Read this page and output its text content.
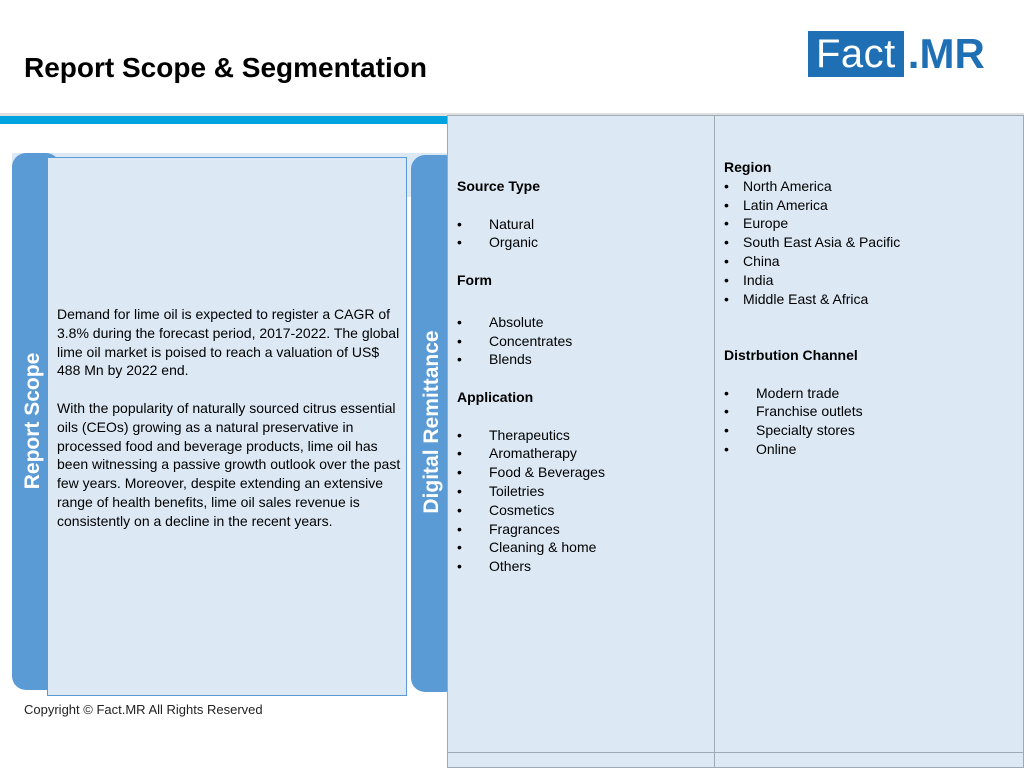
Report Scope & Segmentation	Fact .MR
Report Scope	Digital Remittance

Demand for lime oil is expected to register a CAGR of 3.8% during the forecast period, 2017-2022. The global lime oil market is poised to reach a valuation of US$ 488 Mn by 2022 end.

With the popularity of naturally sourced citrus essential oils (CEOs) growing as a natural preservative in processed food and beverage products, lime oil has been witnessing a passive growth outlook over the past few years. Moreover, despite extending an extensive range of health benefits, lime oil sales revenue is consistently on a decline in the recent years.

Copyright © Fact.MR All Rights Reserved
Source Type
•	Natural
•	Organic
Form
•	Absolute
•	Concentrates
•	Blends
Application
•	Therapeutics
•	Aromatherapy
•	Food & Beverages
•	Toiletries
•	Cosmetics
•	Fragrances
•	Cleaning & home
•	Others
Region
•	North America
•	Latin America
•	Europe
•	South East Asia & Pacific
•	China
•	India
•	Middle East & Africa
Distrbution Channel
•	Modern trade
•	Franchise outlets
•	Specialty stores
•	Online
